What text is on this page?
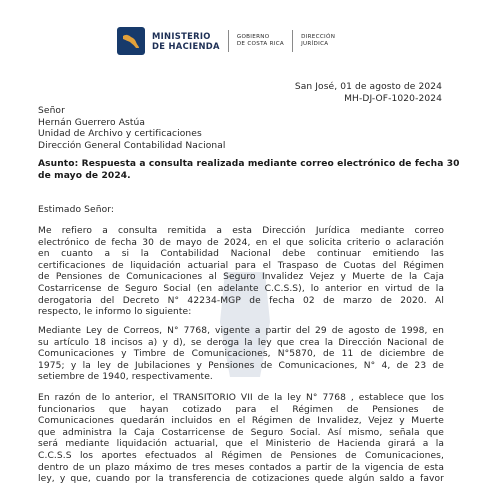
MINISTERIO
DE HACIENDA
GOBIERNO
DE COSTA RICA
DIRECCIÓN
JURÍDICA
San José, 01 de agosto de 2024
MH-DJ-OF-1020-2024
Señor
Hernán Guerrero Astúa
Unidad de Archivo y certificaciones
Dirección General Contabilidad Nacional
Asunto: Respuesta a consulta realizada mediante correo electrónico de fecha 30
de mayo de 2024.
Estimado Señor:
Me refiero a consulta remitida a esta Dirección Jurídica mediante correo
electrónico de fecha 30 de mayo de 2024, en el que solicita criterio o aclaración
en cuanto a si la Contabilidad Nacional debe continuar emitiendo las
certificaciones de liquidación actuarial para el Traspaso de Cuotas del Régimen
de Pensiones de Comunicaciones al Seguro Invalidez Vejez y Muerte de la Caja
Costarricense de Seguro Social (en adelante C.C.S.S), lo anterior en virtud de la
derogatoria del Decreto N° 42234-MGP de fecha 02 de marzo de 2020. Al
respecto, le informo lo siguiente:
Mediante Ley de Correos, N° 7768, vigente a partir del 29 de agosto de 1998, en
su artículo 18 incisos a) y d), se deroga la ley que crea la Dirección Nacional de
Comunicaciones y Timbre de Comunicaciones, N°5870, de 11 de diciembre de
1975; y la ley de Jubilaciones y Pensiones de Comunicaciones, N° 4, de 23 de
setiembre de 1940, respectivamente.
En razón de lo anterior, el TRANSITORIO VII de la ley N° 7768 , establece que los
funcionarios que hayan cotizado para el Régimen de Pensiones de
Comunicaciones quedarán incluidos en el Régimen de Invalidez, Vejez y Muerte
que administra la Caja Costarricense de Seguro Social. Así mismo, señala que
será mediante liquidación actuarial, que el Ministerio de Hacienda girará a la
C.C.S.S los aportes efectuados al Régimen de Pensiones de Comunicaciones,
dentro de un plazo máximo de tres meses contados a partir de la vigencia de esta
ley, y que, cuando por la transferencia de cotizaciones quede algún saldo a favor
